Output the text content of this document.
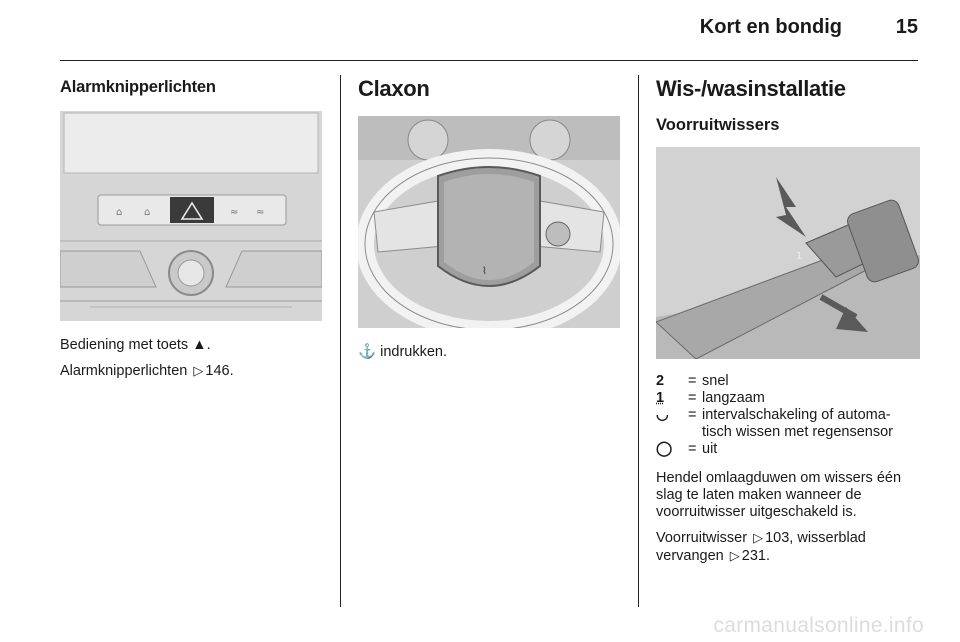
Kort en bondig	15
Alarmknipperlichten
⌂ ⌂	≈ ≈

Bediening met toets ▲.

Alarmknipperlichten ▷ 146.

Claxon
⌇

⚓ indrukken.

Wis-/wasinstallatie
Voorruitwissers
1
2	= snel
1	= langzaam
◡	= intervalschakeling of automa-tisch wissen met regensensor
◯	= uit

Hendel omlaagduwen om wissers één slag te laten maken wanneer de voorruitwisser uitgeschakeld is.

Voorruitwisser ▷ 103, wisserblad vervangen ▷ 231.

carmanualsonline.info
